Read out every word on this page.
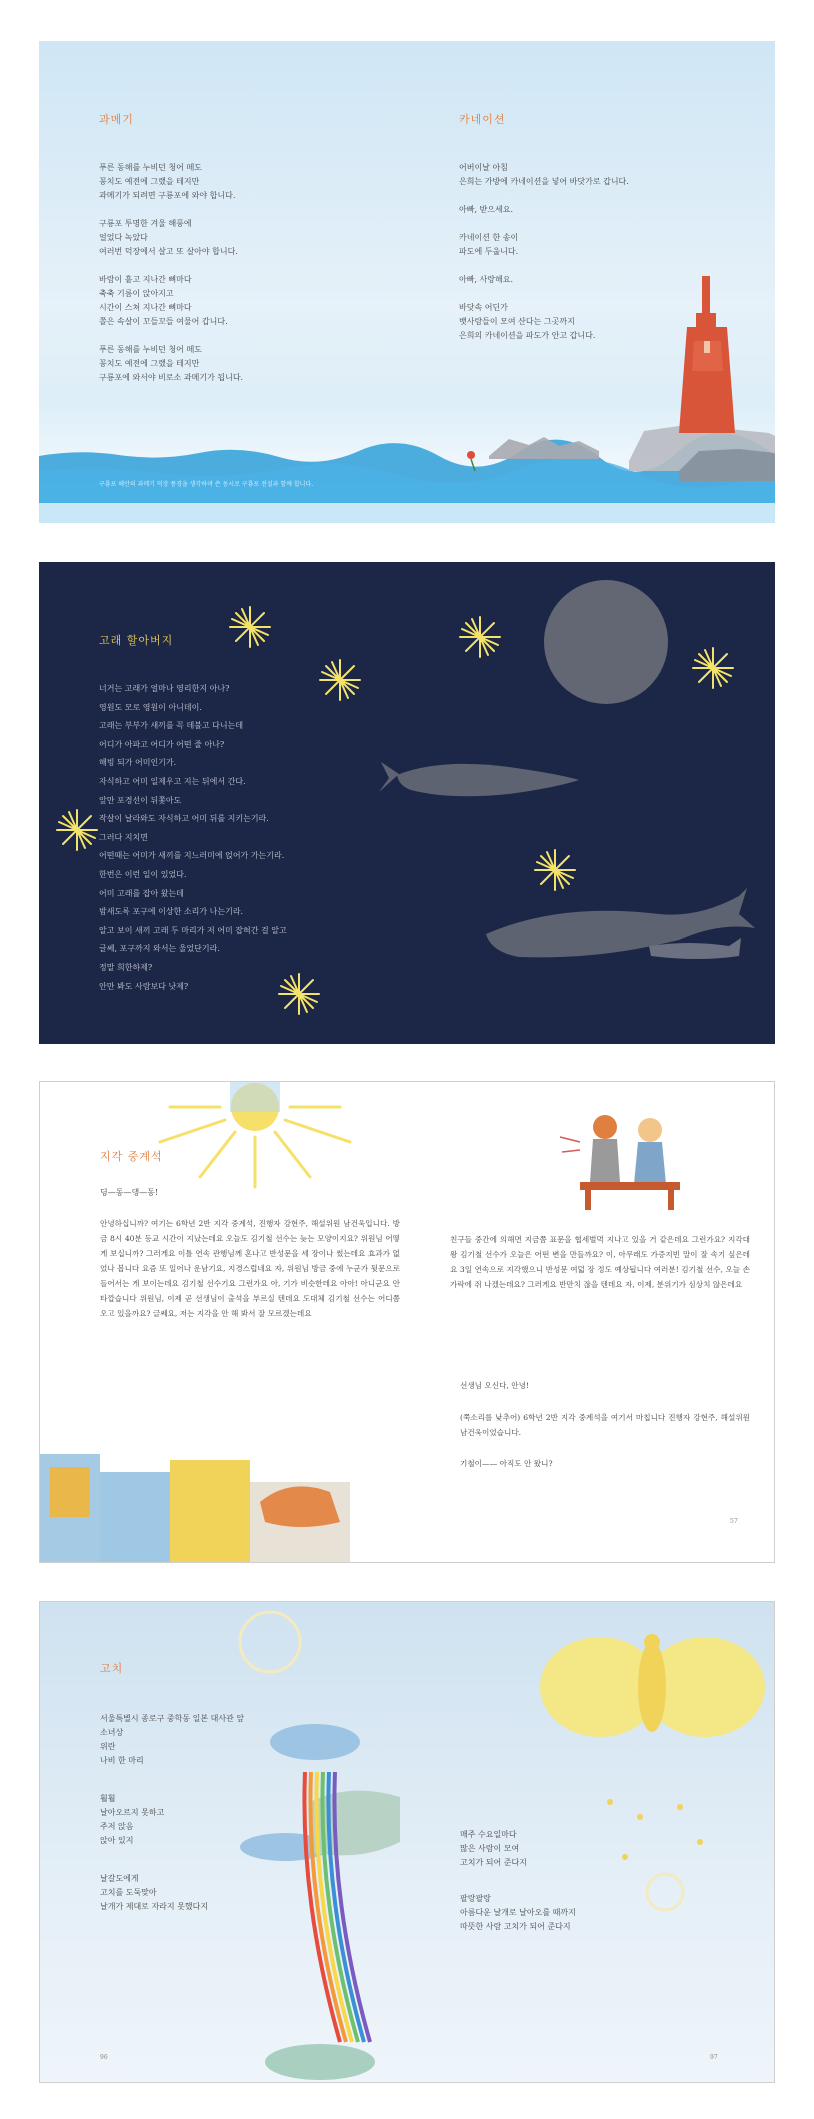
과메기
푸른 동해를 누비던 청어 떼도
꽁치도 예전에 그랬을 테지만
과메기가 되려면 구룡포에 와야 합니다.

구룡포 투명한 겨울 해풍에
얼었다 녹았다
여러번 덕장에서 살고 또 살아야 합니다.

바람이 흩고 지나간 뼈마다
축축 기름이 앉아지고
시간이 스쳐 지나간 뼈마다
쫄은 속살이 꼬들꼬들 여물어 갑니다.

푸른 동해를 누비던 청어 떼도
꽁치도 예전에 그랬을 테지만
구룡포에 와서야 비로소 과메기가 됩니다.
구룡포 해안의 과메기 덕장 풍경을 생각하며 쓴 동시로 구룡포 전설과 함께 합니다.
카네이션
어버이날 아침
은희는 가방에 카네이션을 넣어 바닷가로 갑니다.

아빠, 받으세요.

카네이션 한 송이
파도에 두웁니다.

아빠, 사랑해요.

바닷속 어딘가
뱃사람들이 모여 산다는 그곳까지
은희의 카네이션을 파도가 안고 갑니다.
고래 할아버지
너거는 고래가 얼마나 영리한지 아나?
영원도 모로 영원이 아니데이.
고래는 부부가 새끼를 꼭 데불고 다니는데
어디가 아파고 어디가 어떤 줄 아나?
해빙 되가 어미인기가.
자식하고 어미 일제우고 지는 뒤에서 간다.
앞만 포경선이 뒤쫓아도
작살이 날라와도 자식하고 어미 뒤를 지키는기라.
그러다 지치면
어떤때는 어미가 새끼를 지느러미에 얹어가 가는기라.
한번은 이런 일이 있었다.
어미 고래를 잡아 왔는데
밤새도록 포구에 이상한 소리가 나는기라.
알고 보이 새끼 고래 두 마리가 저 어미 잡혀간 걸 알고
글쎄, 포구까지 와서는 울었단기라.
정말 희한하제?
안만 봐도 사람보다 낫제?
지각 중계석
딩—동—댕—동!
안녕하십니까? 여기는 6학년 2반 지각 중계석, 진행자 강현주, 해설위원 남건욱입니다. 방금 8시 40분 등교 시간이 지났는데요 오늘도 김기철 선수는 늦는 모양이지요? 위원님 어떻게 보십니까? 그러게요 이틀 연속 관행님께 혼나고 반성문을 세 장이나 썼는데요 효과가 없었나 봅니다 요즘 또 일어나 운남기요, 지경스럽네요 자, 위원님 방금 중에 누군가 뒷문으로 들어서는 게 보이는데요 김기철 선수기요 그런가요 아, 기가 비슷한데요 아아! 아니군요 안타깝습니다 위원님, 이제 곧 선생님이 출석을 부르실 텐데요 도대체 김기철 선수는 어디쯤 오고 있을까요? 글쎄요, 저는 지각을 안 해 봐서 잘 모르겠는데요
친구들 중간에 의해면 지금쯤 표문을 협세벌먹 지나고 있을 거 같은데요 그런가요? 지각대왕 김기철 선수가 오늘은 어떤 변을 만들까요? 이, 아무래도 가증지빈 말이 잘 속기 싶은데요 3일 연속으로 지각했으니 반성문 여덟 장 정도 예상됩니다 여러분! 김기철 선수, 오늘 손가락에 쥐 나겠는데요? 그러게요 반만치 잖을 텐데요 자, 이제, 분위기가 심상치 않은데요
선생님 오신다, 안녕!
(쭉소리를 낮추어) 6학년 2반 지각 중계석을 여기서 마칩니다 진행자 강현주, 해설위원 남건욱이었습니다.
기철이—— 아직도 안 왔니?
57
고치
서울특별시 종로구 중학동 일본 대사관 앞
소녀상
위란
나비 한 마리
훨훨
날아오르지 못하고
주저 앉음
앉아 있지
날갈도에게
고치를 도둑맞아
날개가 제대로 자라지 못했다지
매주 수요일마다
많은 사람이 모여
고치가 되어 준다지
팔랑팔랑
아름다운 날개로 날아오를 때까지
따뜻한 사람 고치가 되어 준다지
96	97
